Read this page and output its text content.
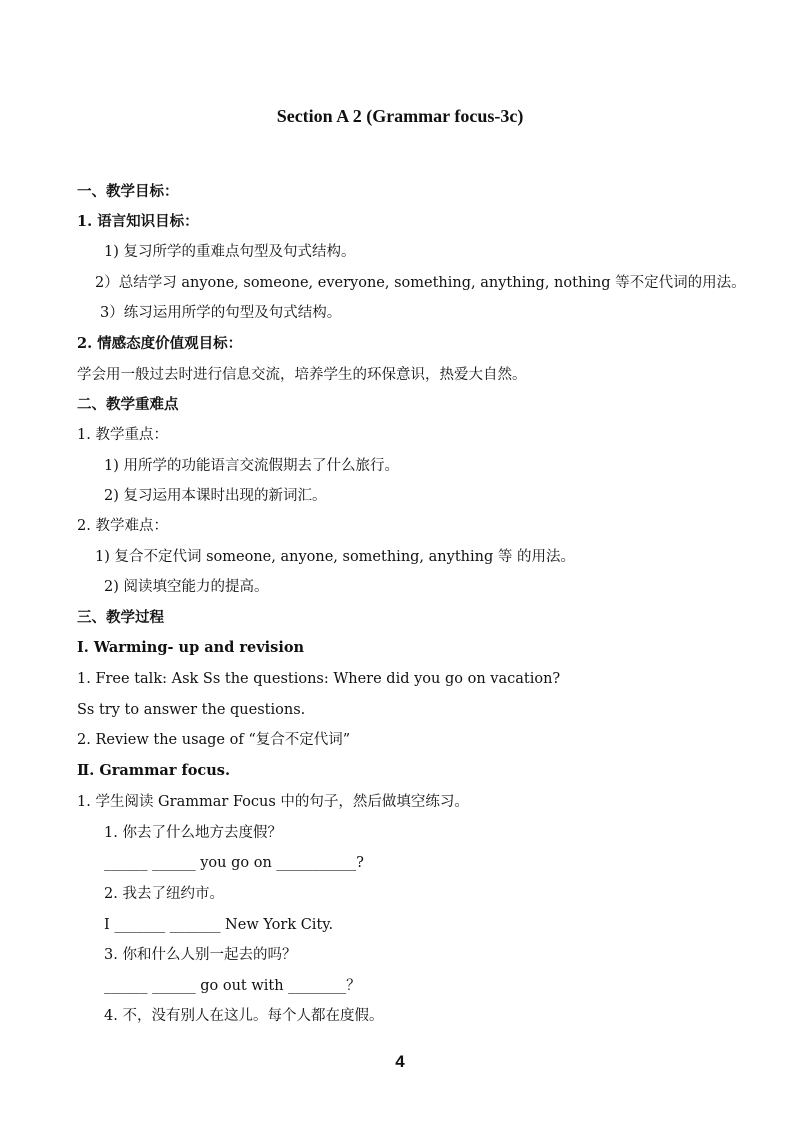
Section A 2 (Grammar focus-3c)
一、教学目标：
1. 语言知识目标：
1) 复习所学的重难点句型及句式结构。
2）总结学习 anyone, someone, everyone, something, anything, nothing 等不定代词的用法。
3）练习运用所学的句型及句式结构。
2. 情感态度价值观目标：
学会用一般过去时进行信息交流，培养学生的环保意识，热爱大自然。
二、教学重难点
1. 教学重点：
1) 用所学的功能语言交流假期去了什么旅行。
2) 复习运用本课时出现的新词汇。
2. 教学难点：
1) 复合不定代词 someone, anyone, something, anything 等 的用法。
2) 阅读填空能力的提高。
三、教学过程
Ⅰ. Warming- up and revision
1. Free talk: Ask Ss the questions: Where did you go on vacation?
Ss try to answer the questions.
2. Review the usage of “复合不定代词”
Ⅱ. Grammar focus.
1. 学生阅读 Grammar Focus 中的句子，然后做填空练习。
1. 你去了什么地方去度假？
______ ______ you go on ___________?
2. 我去了纽约市。
I _______ _______ New York City.
3. 你和什么人别一起去的吗？
______ ______ go out with ________？
4. 不，没有别人在这儿。每个人都在度假。
4
